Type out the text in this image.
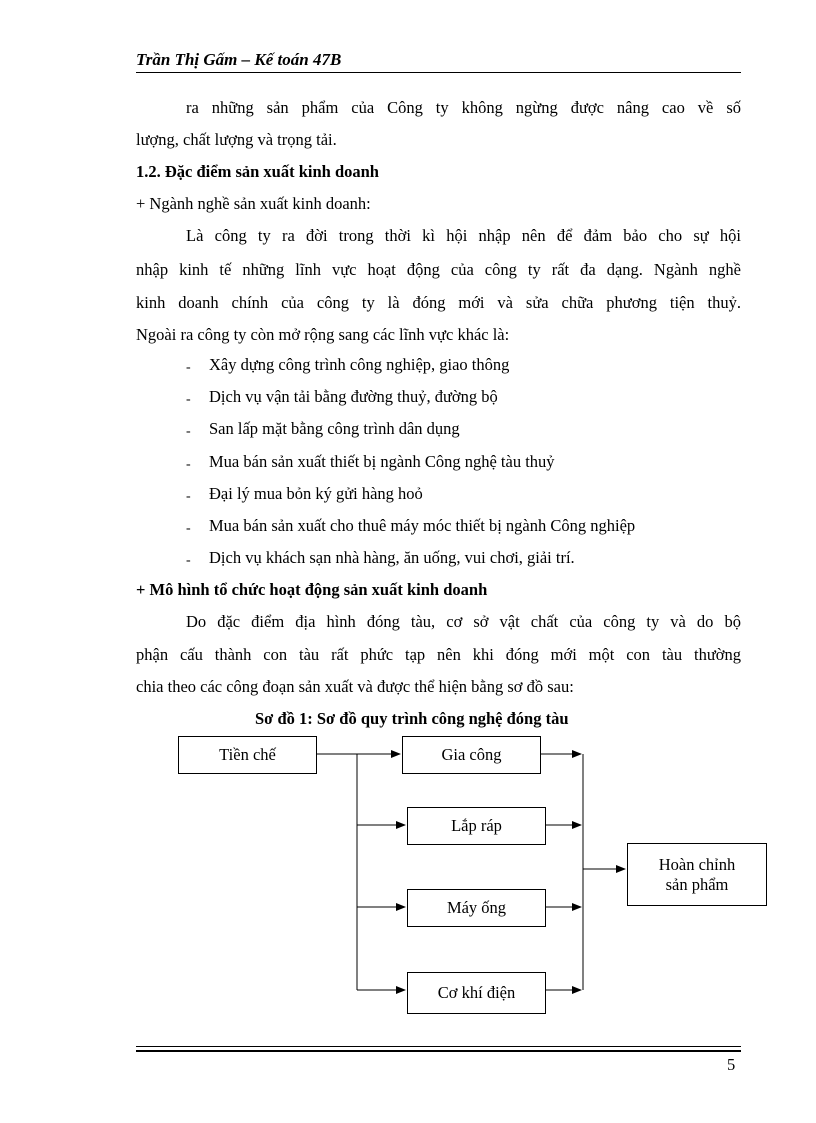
Trần Thị Gấm – Kế toán 47B
ra những sản phẩm của Công ty không ngừng được nâng cao về số
lượng, chất lượng và trọng tải.
1.2. Đặc điểm sản xuất kinh doanh
+ Ngành nghề sản xuất kinh doanh:
Là công ty ra đời trong thời kì hội nhập nên để đảm bảo cho sự hội
nhập kinh tế những lĩnh vực hoạt động của công ty rất đa dạng. Ngành nghề
kinh doanh chính của công ty là đóng mới và sửa chữa phương tiện thuỷ.
Ngoài ra công ty còn mở rộng sang các lĩnh vực khác là:
- Xây dựng công trình công nghiệp, giao thông
- Dịch vụ vận tải bằng đường thuỷ, đường bộ
- San lấp mặt bằng công trình dân dụng
- Mua bán sản xuất thiết bị ngành Công nghệ tàu thuỷ
- Đại lý mua bỏn ký gửi hàng hoỏ
- Mua bán sản xuất cho thuê máy móc thiết bị ngành Công nghiệp
- Dịch vụ khách sạn nhà hàng, ăn uống, vui chơi, giải trí.
+ Mô hình tổ chức hoạt động sản xuất kinh doanh
Do đặc điểm địa hình đóng tàu, cơ sở vật chất của công ty và do bộ
phận cấu thành con tàu rất phức tạp nên khi đóng mới một con tàu thường
chia theo các công đoạn sản xuất và được thể hiện bằng sơ đồ sau:
Sơ đồ 1: Sơ đồ quy trình công nghệ đóng tàu
Tiền chế	Gia công
Lắp ráp
Máy ống
Cơ khí điện
Hoàn chỉnh
sản phẩm
5
